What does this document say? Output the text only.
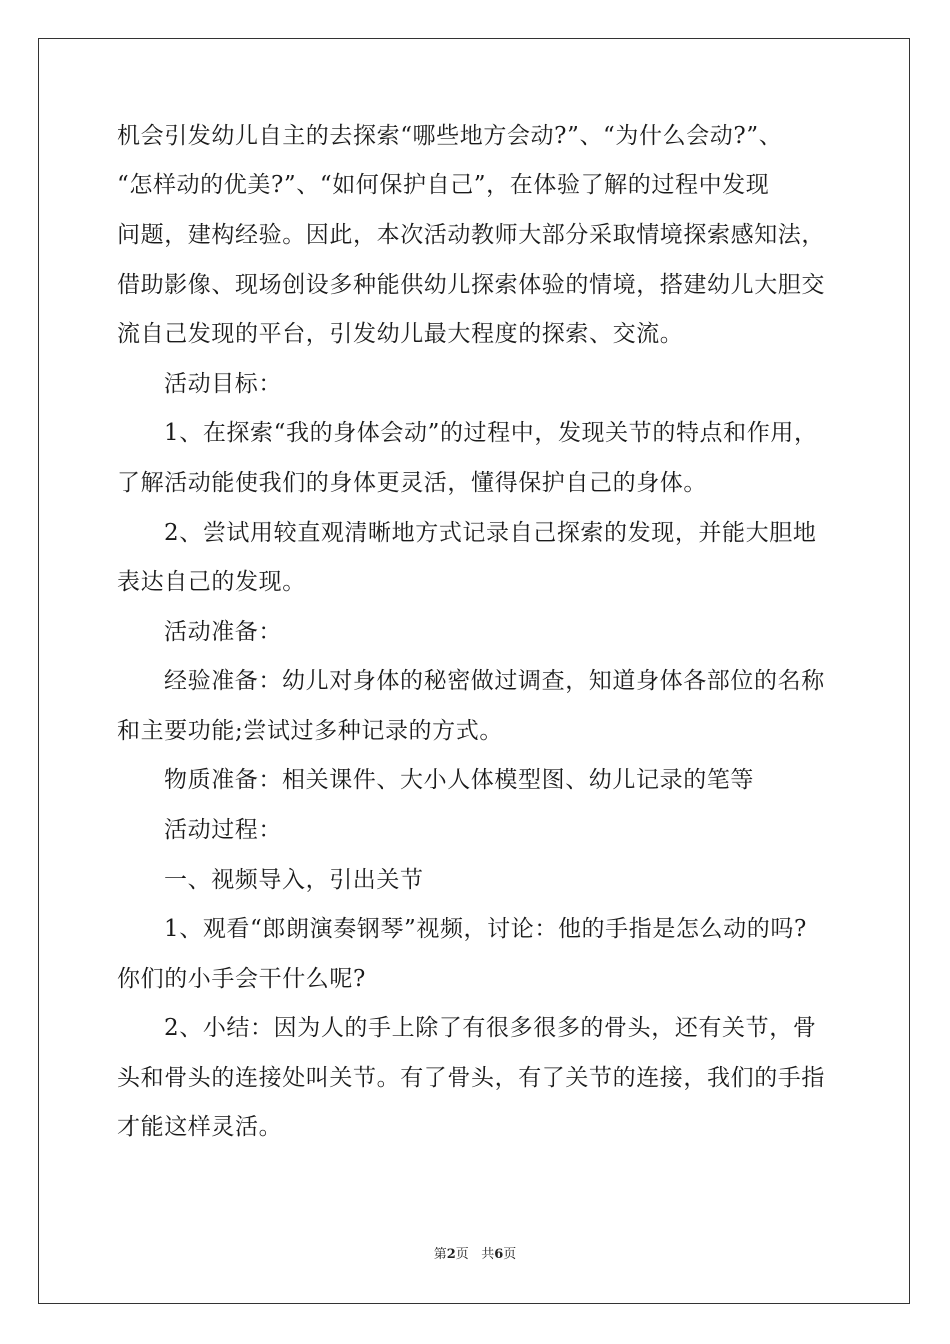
机会引发幼儿自主的去探索“哪些地方会动?”、“为什么会动?”、
“怎样动的优美?”、“如何保护自己”，在体验了解的过程中发现
问题，建构经验。因此，本次活动教师大部分采取情境探索感知法，
借助影像、现场创设多种能供幼儿探索体验的情境，搭建幼儿大胆交
流自己发现的平台，引发幼儿最大程度的探索、交流。
活动目标：
1、在探索“我的身体会动”的过程中，发现关节的特点和作用，
了解活动能使我们的身体更灵活，懂得保护自己的身体。
2、尝试用较直观清晰地方式记录自己探索的发现，并能大胆地
表达自己的发现。
活动准备：
经验准备：幼儿对身体的秘密做过调查，知道身体各部位的名称
和主要功能;尝试过多种记录的方式。
物质准备：相关课件、大小人体模型图、幼儿记录的笔等
活动过程：
一、视频导入，引出关节
1、观看“郎朗演奏钢琴”视频，讨论：他的手指是怎么动的吗?
你们的小手会干什么呢?
2、小结：因为人的手上除了有很多很多的骨头，还有关节，骨
头和骨头的连接处叫关节。有了骨头，有了关节的连接，我们的手指
才能这样灵活。
第2页 共6页
